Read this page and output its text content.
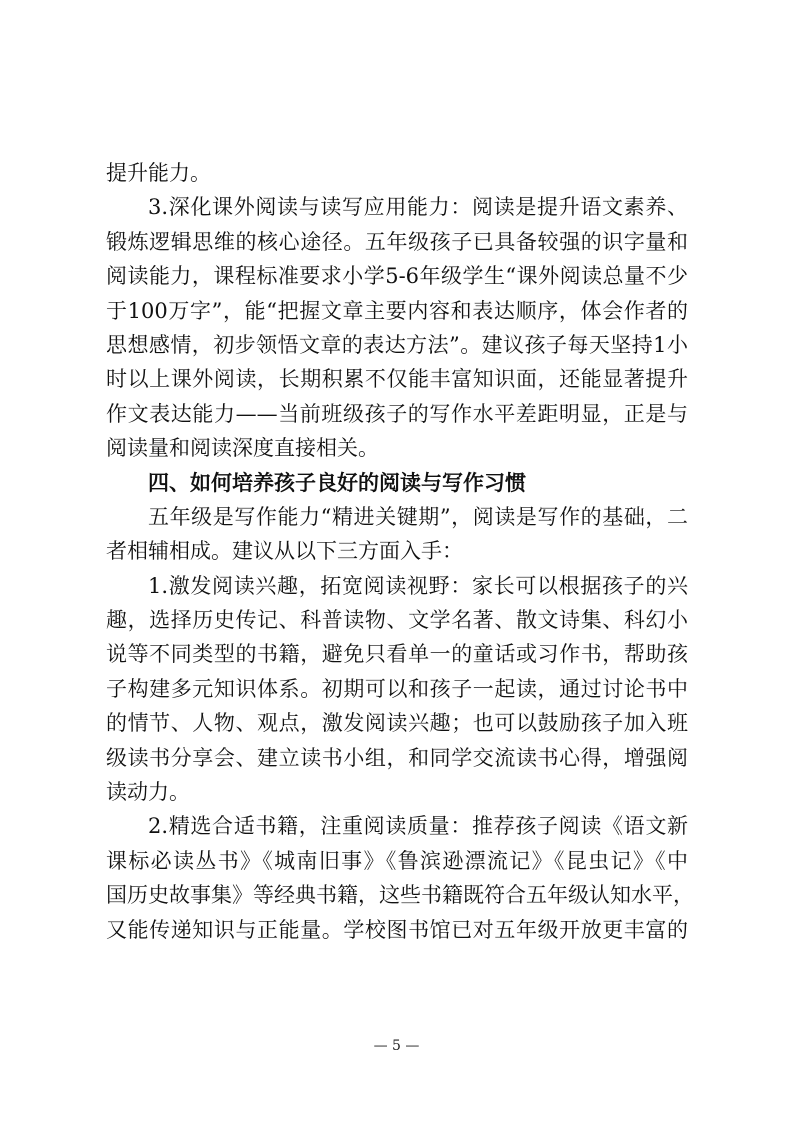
提升能力。
3.深化课外阅读与读写应用能力：阅读是提升语文素养、
锻炼逻辑思维的核心途径。五年级孩子已具备较强的识字量和
阅读能力，课程标准要求小学5-6年级学生“课外阅读总量不少
于100万字”，能“把握文章主要内容和表达顺序，体会作者的
思想感情，初步领悟文章的表达方法”。建议孩子每天坚持1小
时以上课外阅读，长期积累不仅能丰富知识面，还能显著提升
作文表达能力——当前班级孩子的写作水平差距明显，正是与
阅读量和阅读深度直接相关。
四、如何培养孩子良好的阅读与写作习惯
五年级是写作能力“精进关键期”，阅读是写作的基础，二
者相辅相成。建议从以下三方面入手：
1.激发阅读兴趣，拓宽阅读视野：家长可以根据孩子的兴
趣，选择历史传记、科普读物、文学名著、散文诗集、科幻小
说等不同类型的书籍，避免只看单一的童话或习作书，帮助孩
子构建多元知识体系。初期可以和孩子一起读，通过讨论书中
的情节、人物、观点，激发阅读兴趣；也可以鼓励孩子加入班
级读书分享会、建立读书小组，和同学交流读书心得，增强阅
读动力。
2.精选合适书籍，注重阅读质量：推荐孩子阅读《语文新
课标必读丛书》《城南旧事》《鲁滨逊漂流记》《昆虫记》《中
国历史故事集》等经典书籍，这些书籍既符合五年级认知水平，
又能传递知识与正能量。学校图书馆已对五年级开放更丰富的
— 5 —
